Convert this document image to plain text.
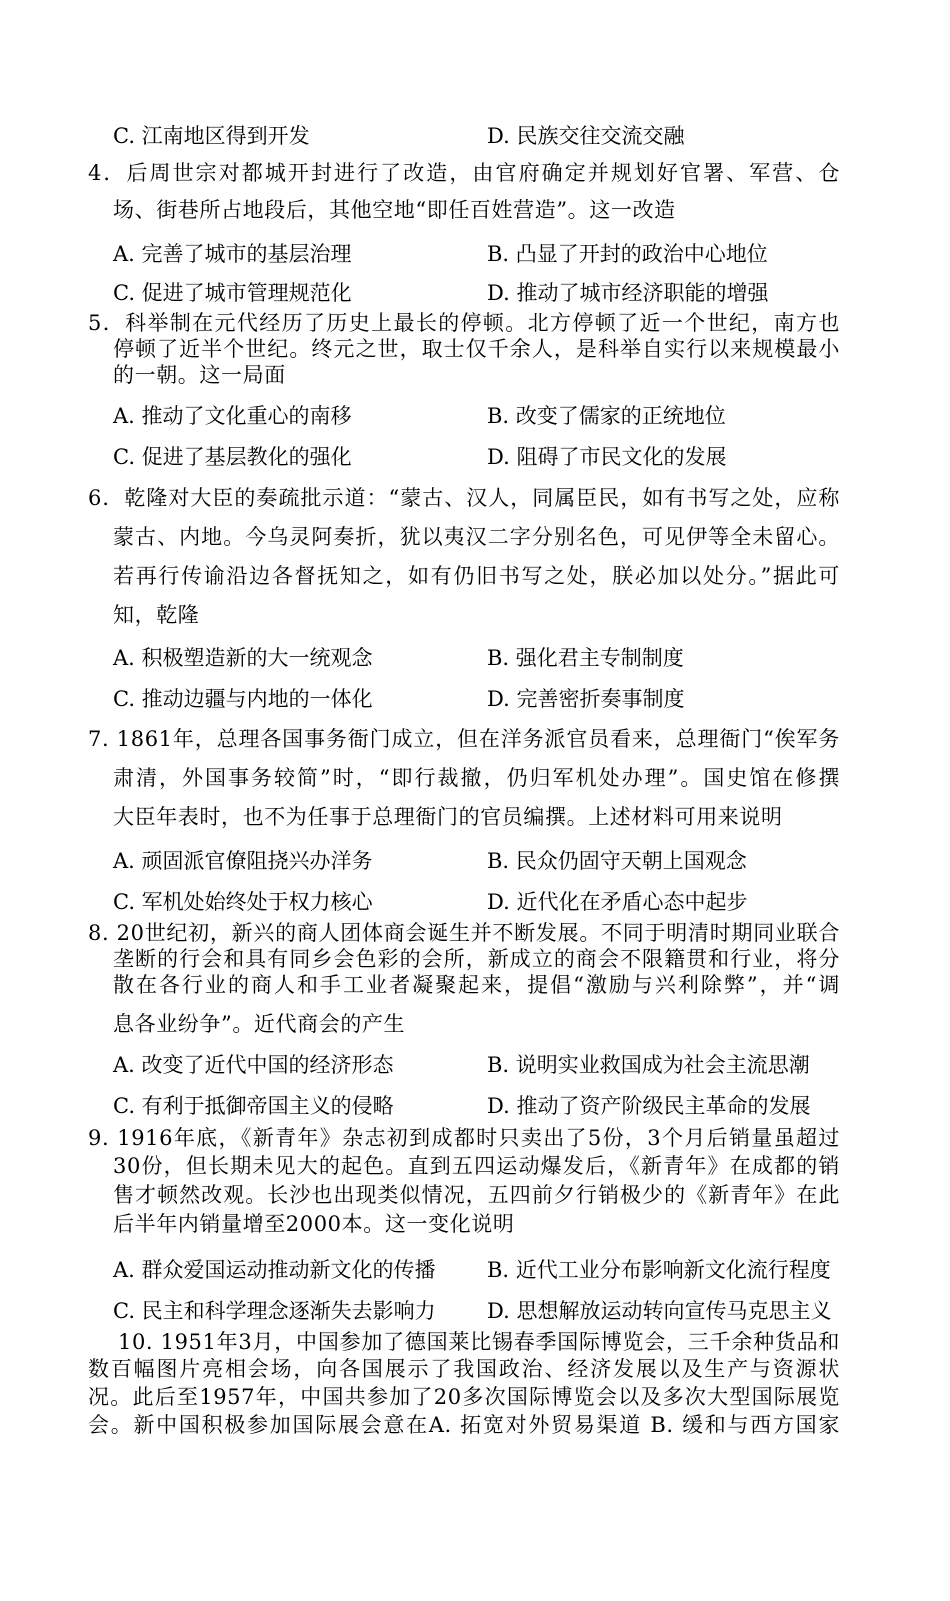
C. 江南地区得到开发	D. 民族交往交流交融
4．后周世宗对都城开封进行了改造，由官府确定并规划好官署、军营、仓
场、街巷所占地段后，其他空地“即任百姓营造”。这一改造
A. 完善了城市的基层治理	B. 凸显了开封的政治中心地位
C. 促进了城市管理规范化	D. 推动了城市经济职能的增强
5．科举制在元代经历了历史上最长的停顿。北方停顿了近一个世纪，南方也
停顿了近半个世纪。终元之世，取士仅千余人，是科举自实行以来规模最小
的一朝。这一局面
A. 推动了文化重心的南移	B. 改变了儒家的正统地位
C. 促进了基层教化的强化	D. 阻碍了市民文化的发展
6．乾隆对大臣的奏疏批示道：“蒙古、汉人，同属臣民，如有书写之处，应称
蒙古、内地。今乌灵阿奏折，犹以夷汉二字分别名色，可见伊等全未留心。
若再行传谕沿边各督抚知之，如有仍旧书写之处，朕必加以处分。”据此可
知，乾隆
A. 积极塑造新的大一统观念	B. 强化君主专制制度
C. 推动边疆与内地的一体化	D. 完善密折奏事制度
7. 1861年，总理各国事务衙门成立，但在洋务派官员看来，总理衙门“俟军务
肃清，外国事务较简”时，“即行裁撤，仍归军机处办理”。国史馆在修撰
大臣年表时，也不为任事于总理衙门的官员编撰。上述材料可用来说明
A. 顽固派官僚阻挠兴办洋务	B. 民众仍固守天朝上国观念
C. 军机处始终处于权力核心	D. 近代化在矛盾心态中起步
8. 20世纪初，新兴的商人团体商会诞生并不断发展。不同于明清时期同业联合
垄断的行会和具有同乡会色彩的会所，新成立的商会不限籍贯和行业，将分
散在各行业的商人和手工业者凝聚起来，提倡“激励与兴利除弊”，并“调
息各业纷争”。近代商会的产生
A. 改变了近代中国的经济形态	B. 说明实业救国成为社会主流思潮
C. 有利于抵御帝国主义的侵略	D. 推动了资产阶级民主革命的发展
9. 1916年底，《新青年》杂志初到成都时只卖出了5份，3个月后销量虽超过
30份，但长期未见大的起色。直到五四运动爆发后，《新青年》在成都的销
售才顿然改观。长沙也出现类似情况，五四前夕行销极少的《新青年》在此
后半年内销量增至2000本。这一变化说明
A. 群众爱国运动推动新文化的传播 B. 近代工业分布影响新文化流行程度
C. 民主和科学理念逐渐失去影响力 D. 思想解放运动转向宣传马克思主义
10. 1951年3月，中国参加了德国莱比锡春季国际博览会，三千余种货品和
数百幅图片亮相会场，向各国展示了我国政治、经济发展以及生产与资源状
况。此后至1957年，中国共参加了20多次国际博览会以及多次大型国际展览
会。新中国积极参加国际展会意在A. 拓宽对外贸易渠道 B. 缓和与西方国家
